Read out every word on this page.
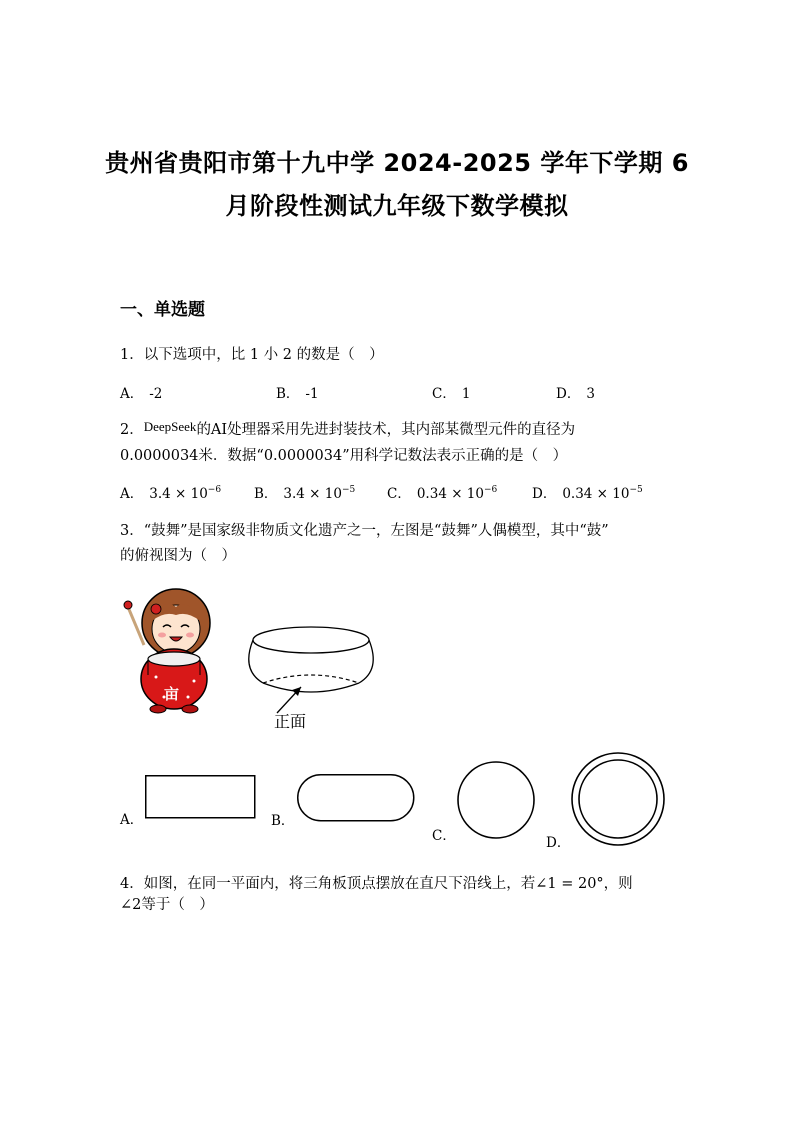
贵州省贵阳市第十九中学 2024-2025 学年下学期 6
月阶段性测试九年级下数学模拟
一、单选题
1．以下选项中，比 1 小 2 的数是（　）
A． -2	B． -1	C． 1	D． 3
2．DeepSeek的AI处理器采用先进封装技术，其内部某微型元件的直径为
0.0000034米．数据“0.0000034”用科学记数法表示正确的是（　）
A． $3.4 \times 10^{-6}$ B． $3.4 \times 10^{-5}$ C． $0.34 \times 10^{-6}$	D． $0.34 \times 10^{-5}$
3．“鼓舞”是国家级非物质文化遗产之一，左图是“鼓舞”人偶模型，其中“鼓”
的俯视图为（　）
亩
正面
A．	B．
C．	D．
4．如图，在同一平面内，将三角板顶点摆放在直尺下沿线上，若∠1 = 20°，则
∠2等于（　）
